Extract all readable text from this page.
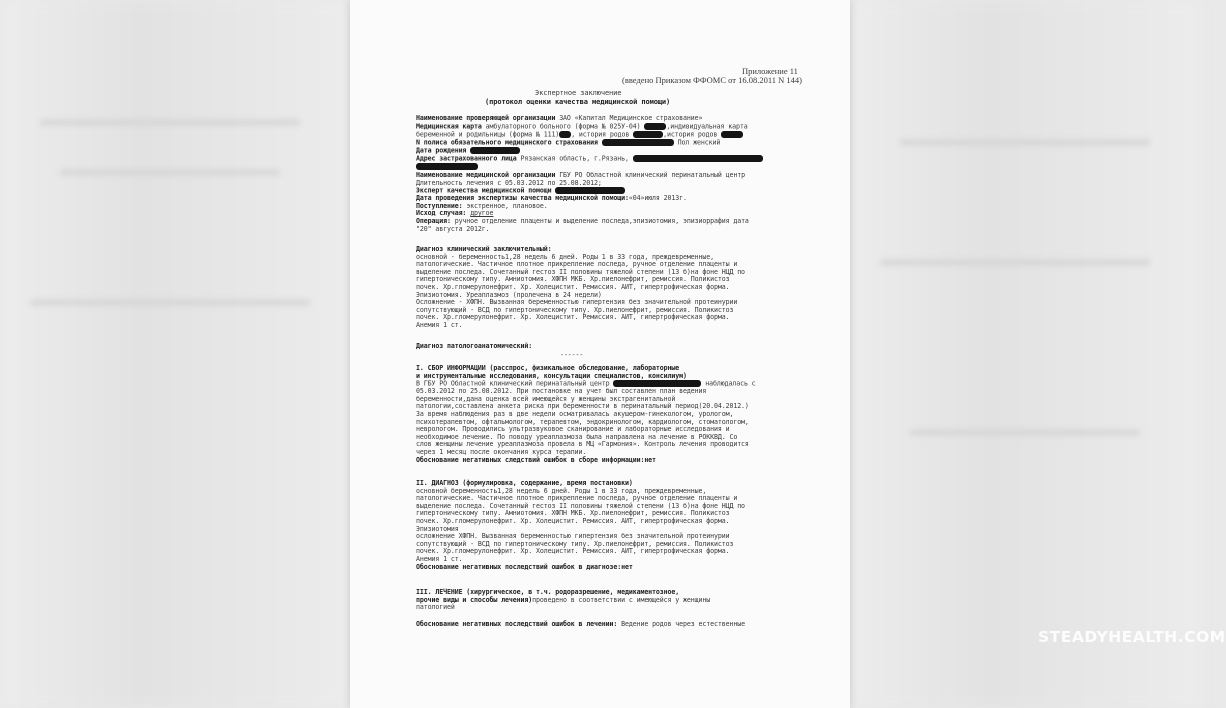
Приложение 11
(введено Приказом ФФОМС от 16.08.2011 N 144)
Экспертное заключение
(протокол оценки качества медицинской помощи)
Наименование проверяющей организации ЗАО «Капитал Медицинское страхование»
Медицинская карта амбулаторного больного (форма № 025У-04)	,индивидуальная карта
беременной и родильницы (форма № 111) , история родов	,история родов
N полиса обязательного медицинского страхования	Пол женский
Дата рождения
Адрес застрахованного лица Рязанская область, г.Рязань,
Наименование медицинской организации ГБУ РО Областной клинический перинатальный центр
Длительность лечения с 05.03.2012 по 25.08.2012;
Эксперт качества медицинской помощи
Дата проведения экспертизы качества медицинской помощи:«04»июля 2013г.
Поступление: экстренное, плановое.
Исход случая: другое
Операция: ручное отделение плаценты и выделение последа,эпизиотомия, эпизиоррафия дата
"20" августа 2012г.
Диагноз клинический заключительный:
основной - беременность1,28 недель 6 дней. Роды 1 в 33 года, преждевременные,
патологические. Частичное плотное прикрепление последа, ручное отделение плаценты и
выделение последа. Сочетанный гестоз II половины тяжелой степени (13 б)на фоне НЦД по
гипертоническому типу. Амниотомия. ХФПН МКБ. Хр.пиелонефрит, ремиссия. Поликистоз
почек. Хр.гломерулонефрит. Хр. Холецистит. Ремиссия. АИТ, гипертрофическая форма.
Эпизиотомия. Уреаплазмоз (пролечена в 24 недели)
Осложнение - ХФПН. Вызванная беременностью гипертензия без значительной протеинурии
сопутствующий - ВСД по гипертоническому типу. Хр.пиелонефрит, ремиссия. Поликистоз
почек. Хр.гломерулонефрит. Хр. Холецистит. Ремиссия. АИТ, гипертрофическая форма.
Анемия 1 ст.
Диагноз патологоанатомический:
------
I. СБОР ИНФОРМАЦИИ (расспрос, физикальное обследование, лабораторные
и инструментальные исследования, консультации специалистов, консилиум)
В ГБУ РО Областной клинический перинатальный центр	наблюдалась с
05.03.2012 по 25.08.2012. При постановке на учет был составлен план ведения
беременности,дана оценка всей имеющейся у женщины экстрагенитальной
патологии,составлена анкета риска при беременности в перинатальный период(20.04.2012.)
За время наблюдения раз в две недели осматривалась акушером-гинекологом, урологом,
психотерапевтом, офтальмологом, терапевтом, эндокринологом, кардиологом, стоматологом,
неврологом. Проводились ультразвуковое сканирование и лабораторные исследования и
необходимое лечение. По поводу уреаплазмоза была направлена на лечение в РОККВД. Со
слов женщины лечение уреаплазмоза провела в МЦ «Гармония». Контроль лечения проводится
через 1 месяц после окончания курса терапии.
Обоснование негативных следствий ошибок в сборе информации:нет
II. ДИАГНОЗ (формулировка, содержание, время постановки)
основной беременность1,28 недель 6 дней. Роды 1 в 33 года, преждевременные,
патологические. Частичное плотное прикрепление последа, ручное отделение плаценты и
выделение последа. Сочетанный гестоз II половины тяжелой степени (13 б)на фоне НЦД по
гипертоническому типу. Амниотомия. ХФПН МКБ. Хр.пиелонефрит, ремиссия. Поликистоз
почек. Хр.гломерулонефрит. Хр. Холецистит. Ремиссия. АИТ, гипертрофическая форма.
Эпизиотомия
осложнение ХФПН. Вызванная беременностью гипертензия без значительной протеинурии
сопутствующий - ВСД по гипертоническому типу. Хр.пиелонефрит, ремиссия. Поликистоз
почек. Хр.гломерулонефрит. Хр. Холецистит. Ремиссия. АИТ, гипертрофическая форма.
Анемия 1 ст.
Обоснование негативных последствий ошибок в диагнозе:нет
III. ЛЕЧЕНИЕ (хирургическое, в т.ч. родоразрешение, медикаментозное,
прочие виды и способы лечения)проведено в соответствии с имеющейся у женщины
патологией
Обоснование негативных последствий ошибок в лечении: Ведение родов через естественные
STEADYHEALTH.COM
